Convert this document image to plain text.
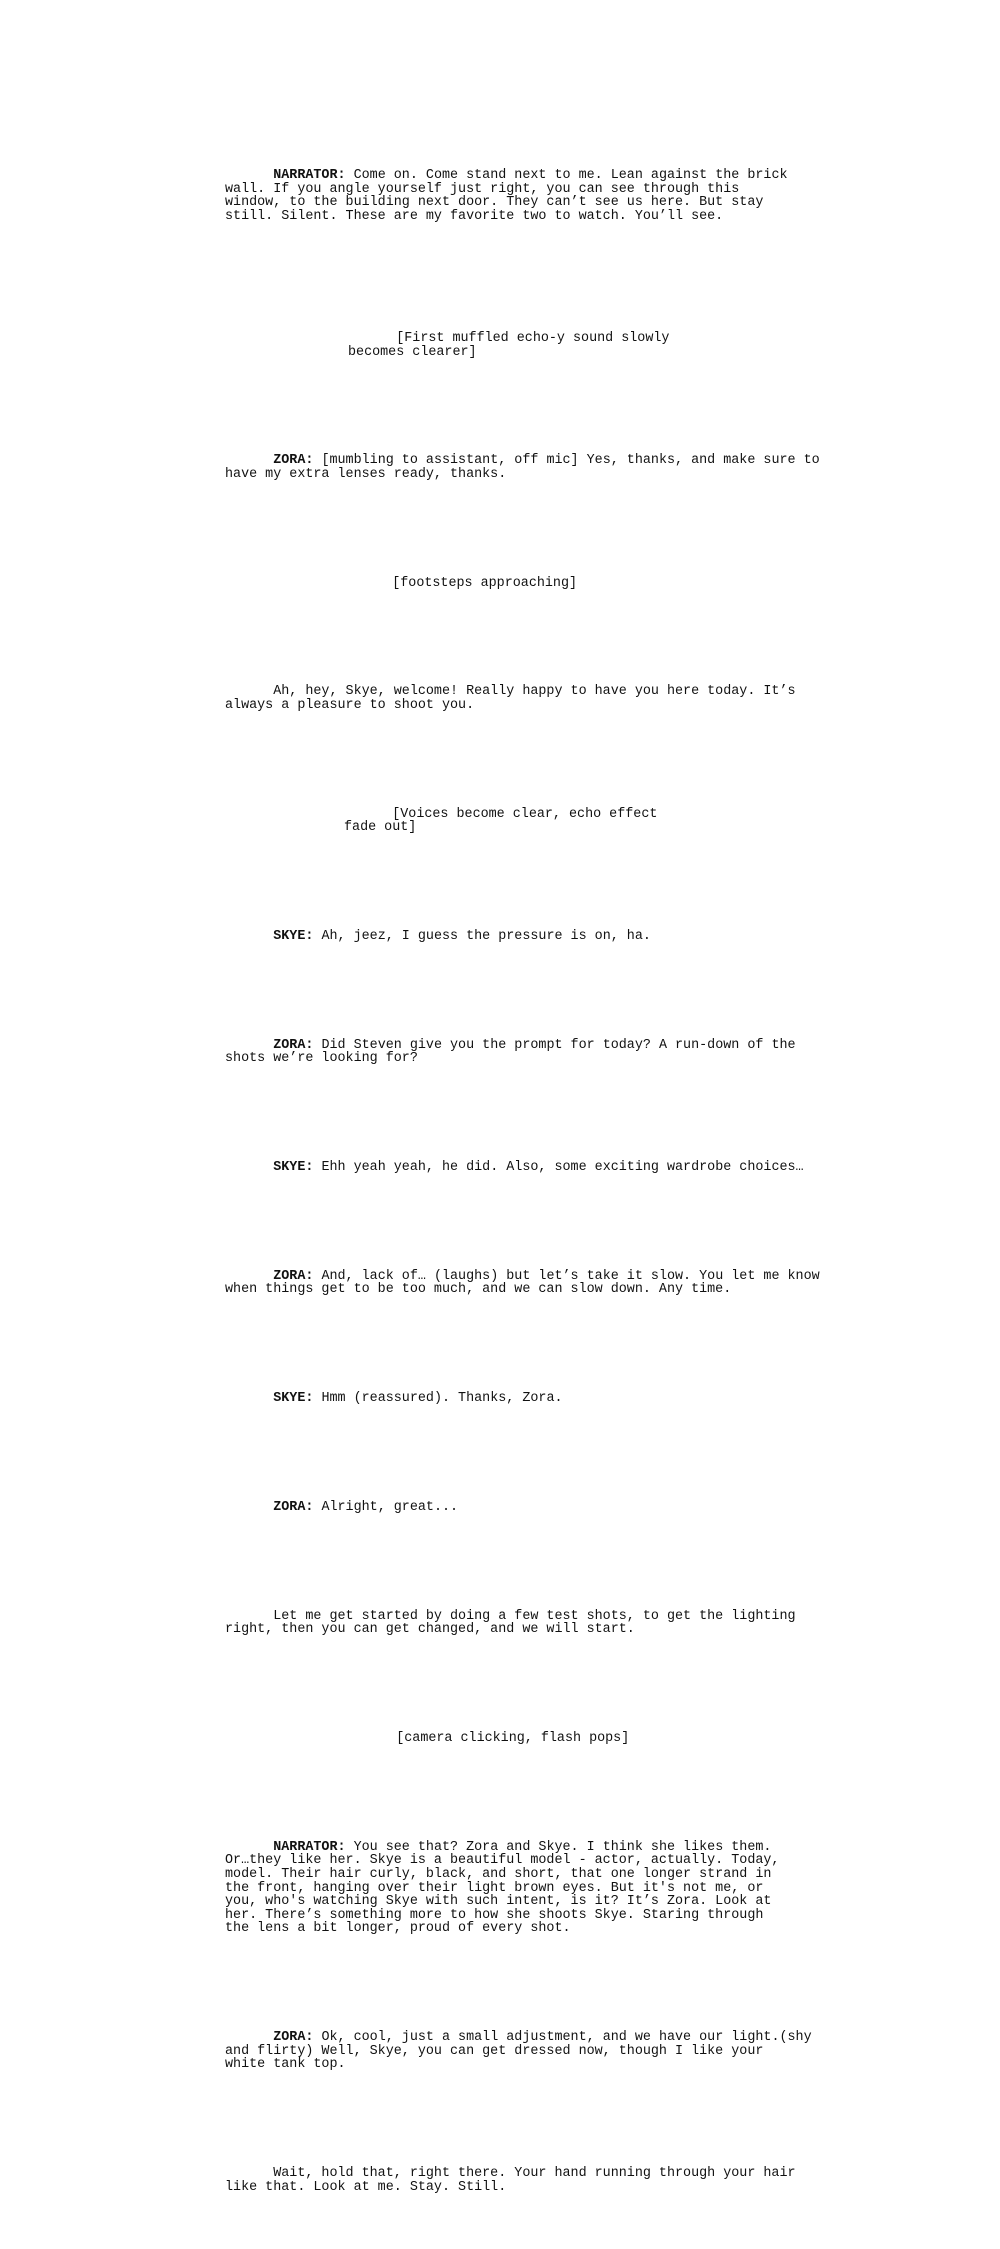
NARRATOR: Come on. Come stand next to me. Lean against the brick
wall. If you angle yourself just right, you can see through this
window, to the building next door. They can’t see us here. But stay
still. Silent. These are my favorite two to watch. You’ll see.

[First muffled echo-y sound slowly
becomes clearer]

ZORA: [mumbling to assistant, off mic] Yes, thanks, and make sure to
have my extra lenses ready, thanks.

[footsteps approaching]

Ah, hey, Skye, welcome! Really happy to have you here today. It’s
always a pleasure to shoot you.

[Voices become clear, echo effect
fade out]

SKYE: Ah, jeez, I guess the pressure is on, ha.

ZORA: Did Steven give you the prompt for today? A run-down of the
shots we’re looking for?

SKYE: Ehh yeah yeah, he did. Also, some exciting wardrobe choices…

ZORA: And, lack of… (laughs) but let’s take it slow. You let me know
when things get to be too much, and we can slow down. Any time.

SKYE: Hmm (reassured). Thanks, Zora.

ZORA: Alright, great...

Let me get started by doing a few test shots, to get the lighting
right, then you can get changed, and we will start.

[camera clicking, flash pops]

NARRATOR: You see that? Zora and Skye. I think she likes them.
Or…they like her. Skye is a beautiful model - actor, actually. Today,
model. Their hair curly, black, and short, that one longer strand in
the front, hanging over their light brown eyes. But it's not me, or
you, who's watching Skye with such intent, is it? It’s Zora. Look at
her. There’s something more to how she shoots Skye. Staring through
the lens a bit longer, proud of every shot.

ZORA: Ok, cool, just a small adjustment, and we have our light.(shy
and flirty) Well, Skye, you can get dressed now, though I like your
white tank top.

Wait, hold that, right there. Your hand running through your hair
like that. Look at me. Stay. Still.
